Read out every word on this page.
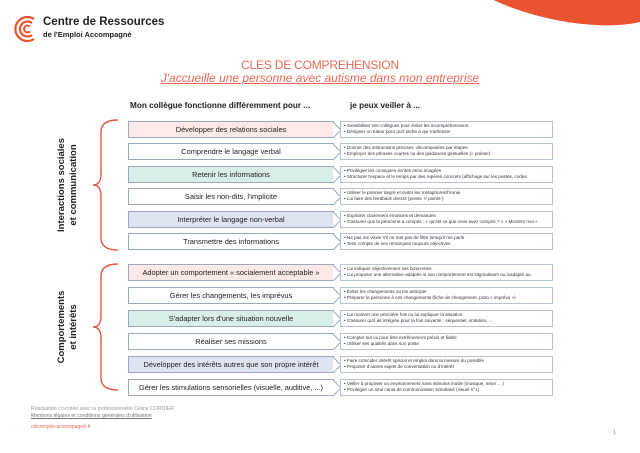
Centre de Ressources
de l'Emploi Accompagné
CLES DE COMPREHENSION
J'accueille une personne avec autisme dans mon entreprise
Mon collègue fonctionne différemment pour ...	je peux veiller à ...
Interactions sociales
et communication
Comportements
et intérêts
Développer des relations sociales	• Sensibiliser ses collègues pour éviter les incompréhensions
• Désigner un tuteur pour qu'il tache à qui s'adresser
Comprendre le langage verbal	• Donner des instructions précises, décomposées par étapes
• Employer des phrases courtes ou des guidances gestuelles (« pointer)
Retenir les informations	• Privilégier les consignes écrites et/ou imagées
• Structurer l'espace et le temps par des repères concrets (affichage sur les postes, codes
Saisir les non-dits, l'implicite	• Utiliser le premier degré et éviter les métaphores/l'ironie
• Lui faire des feedback directs (points +/ points-)
Interpréter le langage non-verbal	• Expliciter clairement émotions et demandes
• S'assurer que la personne a compris : « qu'est ce que vous avez compris ? » « Montrez moi »
Transmettre des informations	• Ne pas me vexer s'il ne met pas de filtre lorsqu'il me parle
• Tenir compte de ses remarques toujours objectives
Adopter un comportement « socialement acceptable »	• Lui indiquer objectivement ses bizarreries
• Lui proposer une alternative adaptée si son comportement est stigmatisant ou inadapté au
Gérer les changements, les imprévus	• Éviter les changements ou les anticiper
• Préparer la personne à ces changements (fiche de changement, picto « imprévu »)
S'adapter lors d'une situation nouvelle	• Lui montrer une première fois ou lui expliquer la situation
• S'assurer qu'il ait intégrée pour la fois suivante : séquentiel, imitation, ...
Réaliser ses missions	• Compter sur lui pour être extrêmement précis et fiable
• Utiliser ses qualités dans son poste
Développer des intérêts autres que son propre intérêt	• Faire coïncider intérêt spécial et emploi dans la mesure du possible
• Proposer d'autres sujets de conversation ou d'intérêt
Gérer les stimulations sensorielles (visuelle, auditive, ...)	• Veiller à proposer un environnement sans stimulus inutile (musique, néon ... )
• Privilégier un seul canal de communication simultané (visuel n°1)
Réalisation co-créée avec la professionnelle Céline CORDIER
Mentions légales et conditions générales d'utilisation
cdr.emploi-accompagné.fr
1
